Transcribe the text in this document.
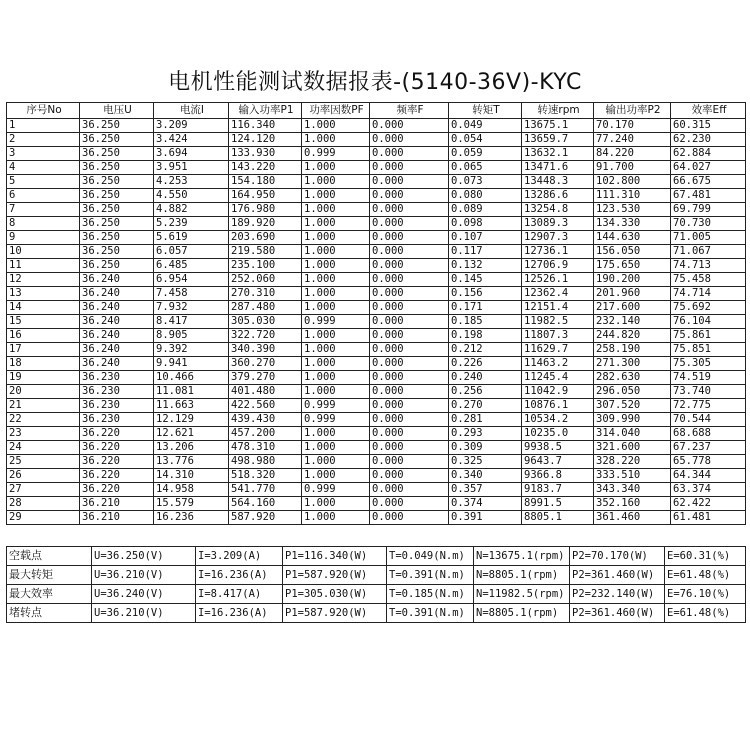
电机性能测试数据报表-(5140-36V)-KYC
序号No	电压U	电流I	输入功率P1	功率因数PF	频率F	转矩T	转速rpm	输出功率P2	效率Eff
1	36.250	3.209	116.340	1.000	0.000	0.049	13675.1	70.170	60.315
2	36.250	3.424	124.120	1.000	0.000	0.054	13659.7	77.240	62.230
3	36.250	3.694	133.930	0.999	0.000	0.059	13632.1	84.220	62.884
4	36.250	3.951	143.220	1.000	0.000	0.065	13471.6	91.700	64.027
5	36.250	4.253	154.180	1.000	0.000	0.073	13448.3	102.800	66.675
6	36.250	4.550	164.950	1.000	0.000	0.080	13286.6	111.310	67.481
7	36.250	4.882	176.980	1.000	0.000	0.089	13254.8	123.530	69.799
8	36.250	5.239	189.920	1.000	0.000	0.098	13089.3	134.330	70.730
9	36.250	5.619	203.690	1.000	0.000	0.107	12907.3	144.630	71.005
10	36.250	6.057	219.580	1.000	0.000	0.117	12736.1	156.050	71.067
11	36.250	6.485	235.100	1.000	0.000	0.132	12706.9	175.650	74.713
12	36.240	6.954	252.060	1.000	0.000	0.145	12526.1	190.200	75.458
13	36.240	7.458	270.310	1.000	0.000	0.156	12362.4	201.960	74.714
14	36.240	7.932	287.480	1.000	0.000	0.171	12151.4	217.600	75.692
15	36.240	8.417	305.030	0.999	0.000	0.185	11982.5	232.140	76.104
16	36.240	8.905	322.720	1.000	0.000	0.198	11807.3	244.820	75.861
17	36.240	9.392	340.390	1.000	0.000	0.212	11629.7	258.190	75.851
18	36.240	9.941	360.270	1.000	0.000	0.226	11463.2	271.300	75.305
19	36.230	10.466	379.270	1.000	0.000	0.240	11245.4	282.630	74.519
20	36.230	11.081	401.480	1.000	0.000	0.256	11042.9	296.050	73.740
21	36.230	11.663	422.560	0.999	0.000	0.270	10876.1	307.520	72.775
22	36.230	12.129	439.430	0.999	0.000	0.281	10534.2	309.990	70.544
23	36.220	12.621	457.200	1.000	0.000	0.293	10235.0	314.040	68.688
24	36.220	13.206	478.310	1.000	0.000	0.309	9938.5	321.600	67.237
25	36.220	13.776	498.980	1.000	0.000	0.325	9643.7	328.220	65.778
26	36.220	14.310	518.320	1.000	0.000	0.340	9366.8	333.510	64.344
27	36.220	14.958	541.770	0.999	0.000	0.357	9183.7	343.340	63.374
28	36.210	15.579	564.160	1.000	0.000	0.374	8991.5	352.160	62.422
29	36.210	16.236	587.920	1.000	0.000	0.391	8805.1	361.460	61.481
空载点	U=36.250(V)	I=3.209(A)	P1=116.340(W)	T=0.049(N.m)	N=13675.1(rpm)	P2=70.170(W)	E=60.31(%)
最大转矩	U=36.210(V)	I=16.236(A)	P1=587.920(W)	T=0.391(N.m)	N=8805.1(rpm)	P2=361.460(W)	E=61.48(%)
最大效率	U=36.240(V)	I=8.417(A)	P1=305.030(W)	T=0.185(N.m)	N=11982.5(rpm)	P2=232.140(W)	E=76.10(%)
堵转点	U=36.210(V)	I=16.236(A)	P1=587.920(W)	T=0.391(N.m)	N=8805.1(rpm)	P2=361.460(W)	E=61.48(%)
